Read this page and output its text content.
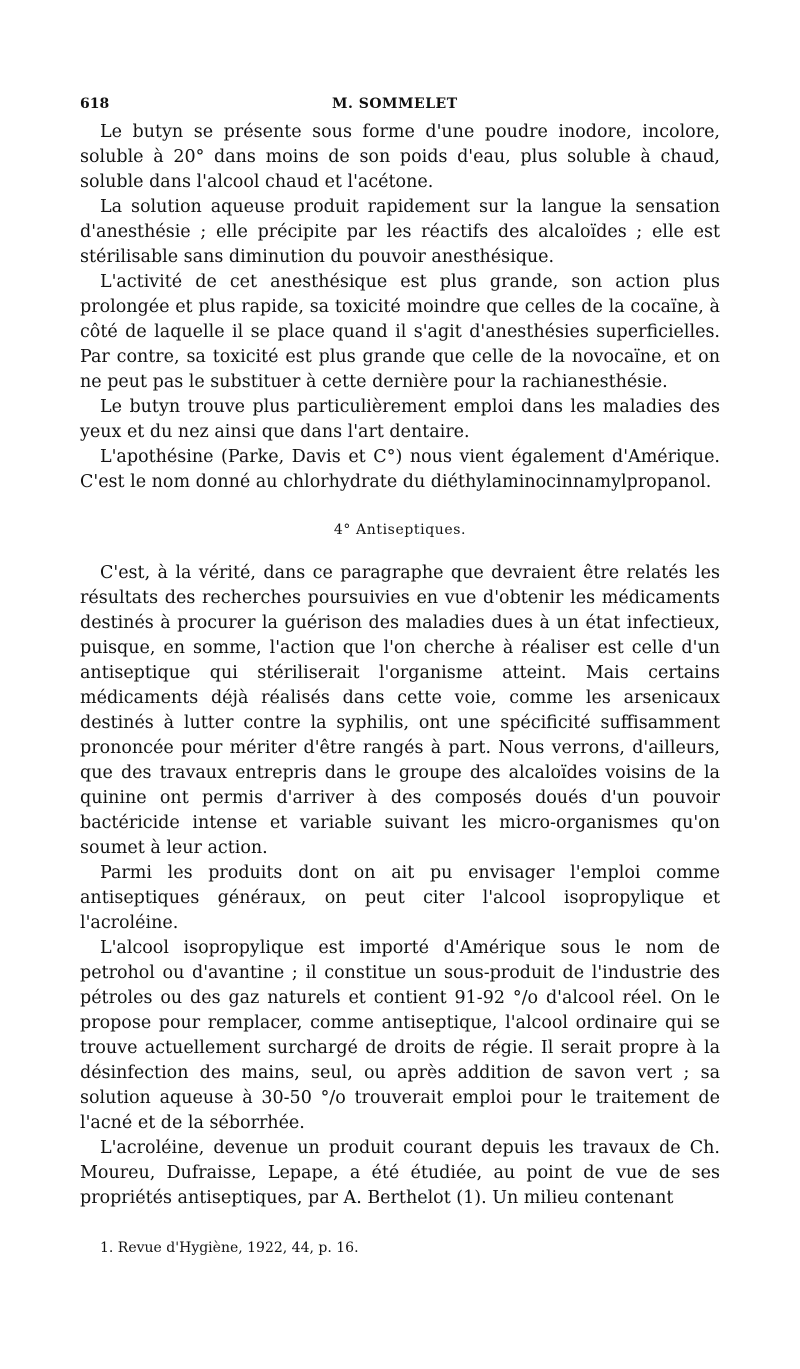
618	M. SOMMELET

Le butyn se présente sous forme d'une poudre inodore, incolore, soluble à 20° dans moins de son poids d'eau, plus soluble à chaud, soluble dans l'alcool chaud et l'acétone.

La solution aqueuse produit rapidement sur la langue la sensation d'anesthésie ; elle précipite par les réactifs des alcaloïdes ; elle est stérilisable sans diminution du pouvoir anesthésique.

L'activité de cet anesthésique est plus grande, son action plus prolongée et plus rapide, sa toxicité moindre que celles de la cocaïne, à côté de laquelle il se place quand il s'agit d'anesthésies superficielles. Par contre, sa toxicité est plus grande que celle de la novocaïne, et on ne peut pas le substituer à cette dernière pour la rachianesthésie.

Le butyn trouve plus particulièrement emploi dans les maladies des yeux et du nez ainsi que dans l'art dentaire.

L'apothésine (Parke, Davis et C°) nous vient également d'Amérique. C'est le nom donné au chlorhydrate du diéthylaminocinnamylpropanol.

4° Antiseptiques.

C'est, à la vérité, dans ce paragraphe que devraient être relatés les résultats des recherches poursuivies en vue d'obtenir les médicaments destinés à procurer la guérison des maladies dues à un état infectieux, puisque, en somme, l'action que l'on cherche à réaliser est celle d'un antiseptique qui stériliserait l'organisme atteint. Mais certains médicaments déjà réalisés dans cette voie, comme les arsenicaux destinés à lutter contre la syphilis, ont une spécificité suffisamment prononcée pour mériter d'être rangés à part. Nous verrons, d'ailleurs, que des travaux entrepris dans le groupe des alcaloïdes voisins de la quinine ont permis d'arriver à des composés doués d'un pouvoir bactéricide intense et variable suivant les micro-organismes qu'on soumet à leur action.

Parmi les produits dont on ait pu envisager l'emploi comme antiseptiques généraux, on peut citer l'alcool isopropylique et l'acroléine.

L'alcool isopropylique est importé d'Amérique sous le nom de petrohol ou d'avantine ; il constitue un sous-produit de l'industrie des pétroles ou des gaz naturels et contient 91-92 °/o d'alcool réel. On le propose pour remplacer, comme antiseptique, l'alcool ordinaire qui se trouve actuellement surchargé de droits de régie. Il serait propre à la désinfection des mains, seul, ou après addition de savon vert ; sa solution aqueuse à 30-50 °/o trouverait emploi pour le traitement de l'acné et de la séborrhée.

L'acroléine, devenue un produit courant depuis les travaux de Ch. Moureu, Dufraisse, Lepape, a été étudiée, au point de vue de ses propriétés antiseptiques, par A. Berthelot (1). Un milieu contenant

1. Revue d'Hygiène, 1922, 44, p. 16.
